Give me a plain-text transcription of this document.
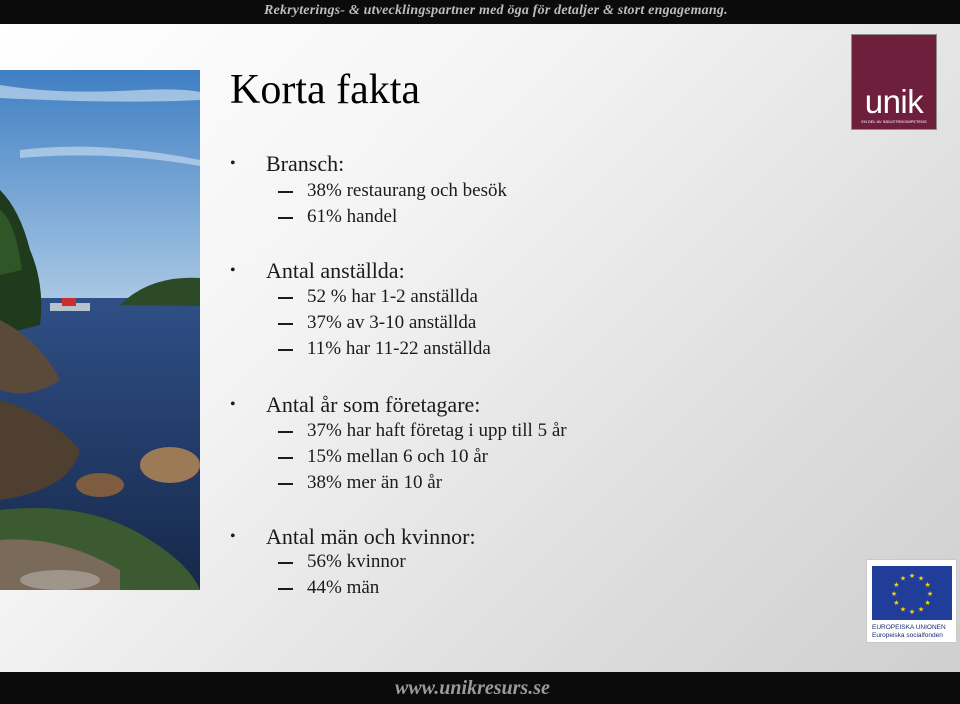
Rekryterings- & utvecklingspartner med öga för detaljer & stort engagemang.
unik
EN DEL AV INDUSTRIKOMPETENS
Korta fakta
• Bransch:
38% restaurang och besök
61% handel
• Antal anställda:
52 % har 1-2 anställda
37% av 3-10 anställda
11% har 11-22 anställda
• Antal år som företagare:
37% har haft företag i upp till 5 år
15% mellan 6 och 10 år
38% mer än 10 år
• Antal män och kvinnor:
56% kvinnor
44% män
★ ★
★
★
★
★
★
★
★
★
★
★
EUROPEISKA UNIONEN
Europeiska socialfonden
www.unikresurs.se
